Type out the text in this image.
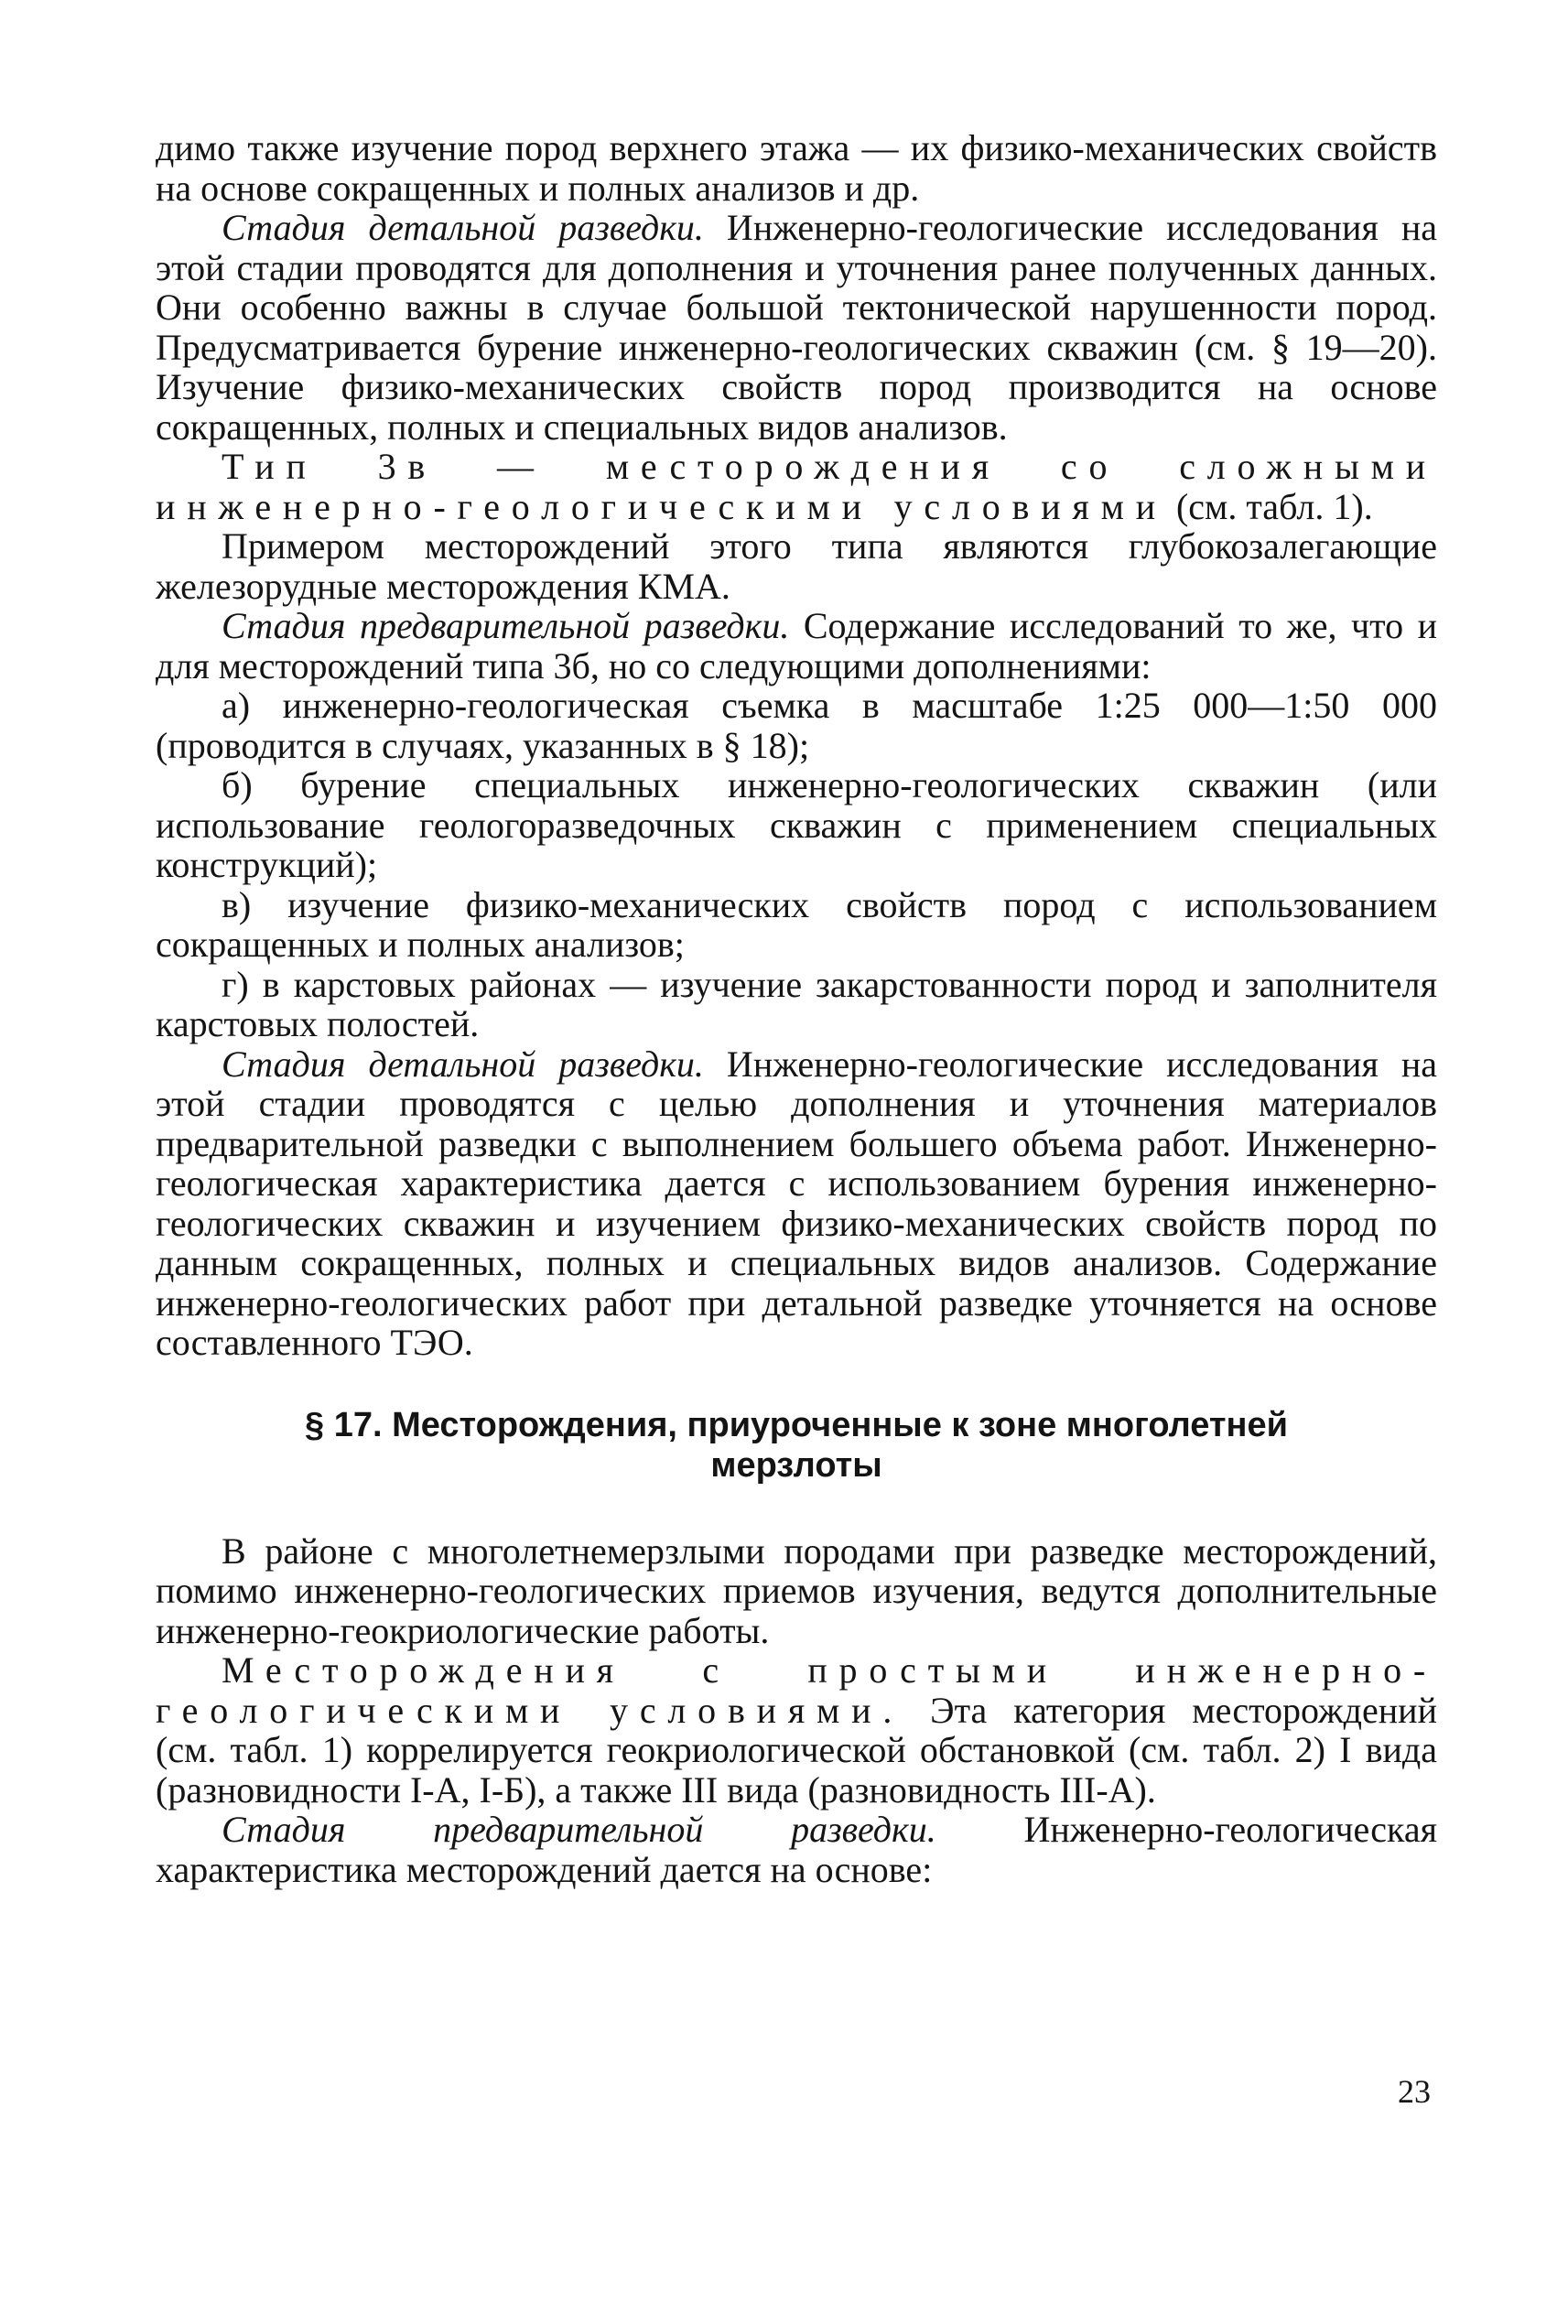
димо также изучение пород верхнего этажа — их физико-механических свойств на основе сокращенных и полных анализов и др.

Стадия детальной разведки. Инженерно-геологические исследования на этой стадии проводятся для дополнения и уточнения ранее полученных данных. Они особенно важны в случае большой тектонической нарушенности пород. Предусматривается бурение инженерно-геологических скважин (см. § 19—20). Изучение физико-механических свойств пород производится на основе сокращенных, полных и специальных видов анализов.

Тип 3в — месторождения со сложными инженерно-геологическими условиями (см. табл. 1).

Примером месторождений этого типа являются глубокозалегающие железорудные месторождения КМА.

Стадия предварительной разведки. Содержание исследований то же, что и для месторождений типа 3б, но со следующими дополнениями:

а) инженерно-геологическая съемка в масштабе 1:25 000—1:50 000 (проводится в случаях, указанных в § 18);

б) бурение специальных инженерно-геологических скважин (или использование геологоразведочных скважин с применением специальных конструкций);

в) изучение физико-механических свойств пород с использованием сокращенных и полных анализов;

г) в карстовых районах — изучение закарстованности пород и заполнителя карстовых полостей.

Стадия детальной разведки. Инженерно-геологические исследования на этой стадии проводятся с целью дополнения и уточнения материалов предварительной разведки с выполнением большего объема работ. Инженерно-геологическая характеристика дается с использованием бурения инженерно-геологических скважин и изучением физико-механических свойств пород по данным сокращенных, полных и специальных видов анализов. Содержание инженерно-геологических работ при детальной разведке уточняется на основе составленного ТЭО.

§ 17. Месторождения, приуроченные к зоне многолетней
мерзлоты

В районе с многолетнемерзлыми породами при разведке месторождений, помимо инженерно-геологических приемов изучения, ведутся дополнительные инженерно-геокриологические работы.

Месторождения с простыми инженерно-геологическими условиями. Эта категория месторождений (см. табл. 1) коррелируется геокриологической обстановкой (см. табл. 2) I вида (разновидности I-А, I-Б), а также III вида (разновидность III-А).

Стадия предварительной разведки. Инженерно-геологическая характеристика месторождений дается на основе:

23
